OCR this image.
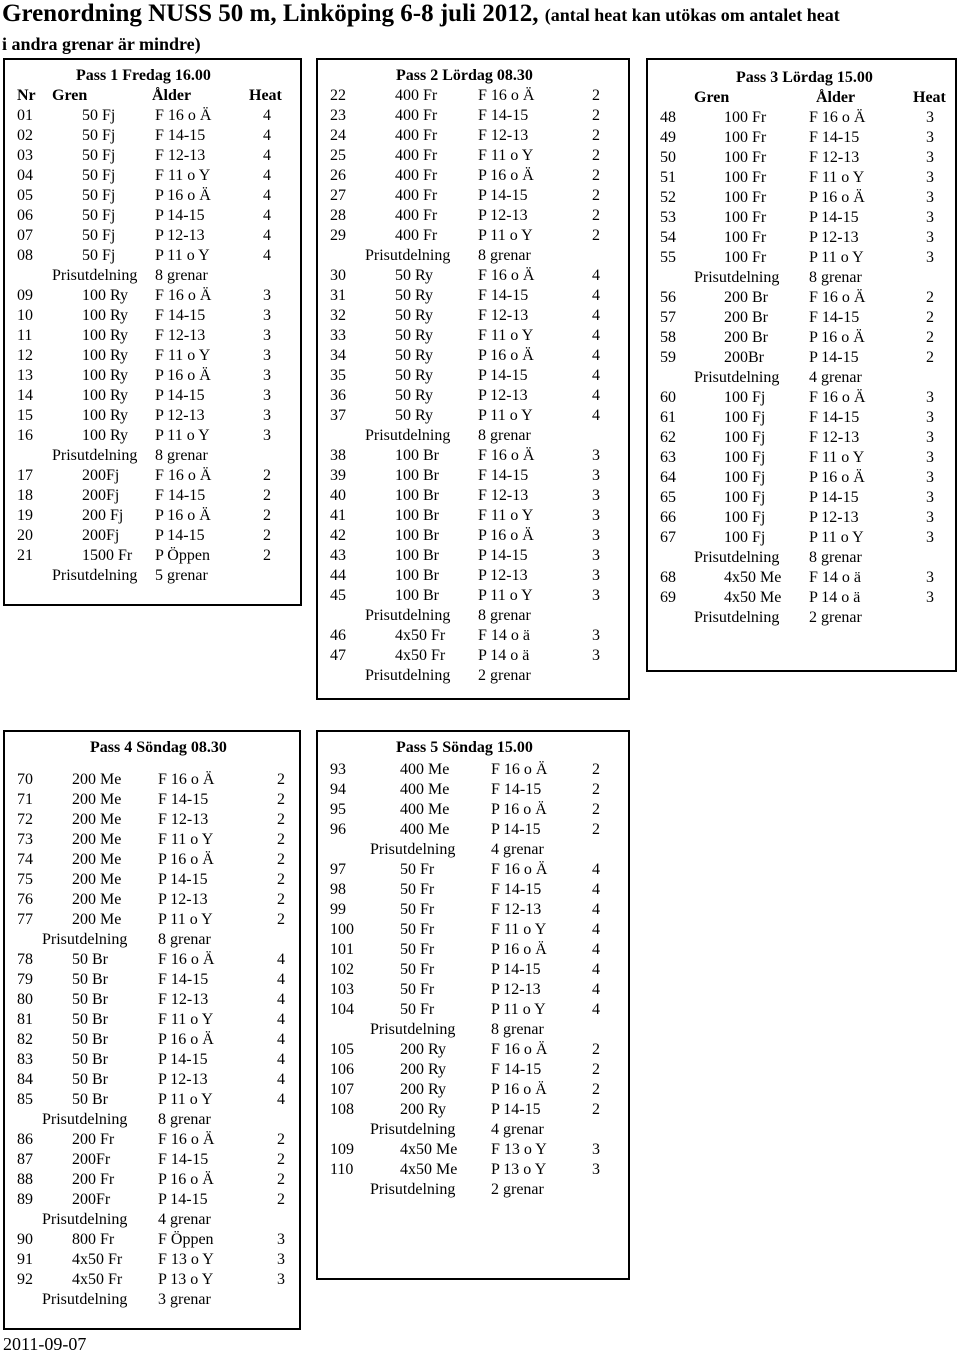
Grenordning NUSS 50 m, Linköping 6-8 juli 2012, (antal heat kan utökas om antalet heat
i andra grenar är mindre)
Pass 1 Fredag 16.00
Nr Gren	Ålder	Heat
01	50 Fj F 16 o Ä	4
02	50 Fj F 14-15	4
03	50 Fj F 12-13	4
04	50 Fj F 11 o Y	4
05	50 Fj P 16 o Ä	4
06	50 Fj P 14-15	4
07	50 Fj P 12-13	4
08	50 Fj P 11 o Y	4
Prisutdelning 8 grenar
09	100 Ry F 16 o Ä	3
10	100 Ry F 14-15	3
11	100 Ry F 12-13	3
12	100 Ry F 11 o Y	3
13	100 Ry P 16 o Ä	3
14	100 Ry P 14-15	3
15	100 Ry P 12-13	3
16	100 Ry P 11 o Y	3
Prisutdelning 8 grenar
17	200Fj F 16 o Ä	2
18	200Fj F 14-15	2
19	200 Fj P 16 o Ä	2
20	200Fj P 14-15	2
21	1500 Fr P Öppen	2
Prisutdelning 5 grenar
Pass 2 Lördag 08.30
22	400 Fr	F 16 o Ä	2
23	400 Fr	F 14-15	2
24	400 Fr	F 12-13	2
25	400 Fr	F 11 o Y	2
26	400 Fr	P 16 o Ä	2
27	400 Fr	P 14-15	2
28	400 Fr	P 12-13	2
29	400 Fr	P 11 o Y	2
Prisutdelning 8 grenar
30	50 Ry	F 16 o Ä	4
31	50 Ry	F 14-15	4
32	50 Ry	F 12-13	4
33	50 Ry	F 11 o Y	4
34	50 Ry	P 16 o Ä	4
35	50 Ry	P 14-15	4
36	50 Ry	P 12-13	4
37	50 Ry	P 11 o Y	4
Prisutdelning 8 grenar
38	100 Br F 16 o Ä	3
39	100 Br F 14-15	3
40	100 Br F 12-13	3
41	100 Br F 11 o Y	3
42	100 Br P 16 o Ä	3
43	100 Br P 14-15	3
44	100 Br P 12-13	3
45	100 Br P 11 o Y	3
Prisutdelning 8 grenar
46	4x50 Fr F 14 o ä	3
47	4x50 Fr P 14 o ä	3
Prisutdelning 2 grenar
Pass 3 Lördag 15.00
Gren	Ålder	Heat
48	100 Fr	F 16 o Ä	3
49	100 Fr	F 14-15	3
50	100 Fr	F 12-13	3
51	100 Fr	F 11 o Y	3
52	100 Fr	P 16 o Ä	3
53	100 Fr	P 14-15	3
54	100 Fr	P 12-13	3
55	100 Fr	P 11 o Y	3
Prisutdelning 8 grenar
56	200 Br	F 16 o Ä	2
57	200 Br	F 14-15	2
58	200 Br	P 16 o Ä	2
59	200Br	P 14-15	2
Prisutdelning 4 grenar
60	100 Fj	F 16 o Ä	3
61	100 Fj	F 14-15	3
62	100 Fj	F 12-13	3
63	100 Fj	F 11 o Y	3
64	100 Fj	P 16 o Ä	3
65	100 Fj	P 14-15	3
66	100 Fj	P 12-13	3
67	100 Fj	P 11 o Y	3
Prisutdelning 8 grenar
68	4x50 Me F 14 o ä	3
69	4x50 Me P 14 o ä	3
Prisutdelning 2 grenar
Pass 4 Söndag 08.30
70 200 Me F 16 o Ä	2
71 200 Me F 14-15	2
72 200 Me F 12-13	2
73 200 Me F 11 o Y	2
74 200 Me P 16 o Ä	2
75 200 Me P 14-15	2
76 200 Me P 12-13	2
77 200 Me P 11 o Y	2
Prisutdelning 8 grenar
78 50 Br	F 16 o Ä	4
79 50 Br	F 14-15	4
80 50 Br	F 12-13	4
81 50 Br	F 11 o Y	4
82 50 Br	P 16 o Ä	4
83 50 Br	P 14-15	4
84 50 Br	P 12-13	4
85 50 Br	P 11 o Y	4
Prisutdelning 8 grenar
86 200 Fr	F 16 o Ä	2
87 200Fr	F 14-15	2
88 200 Fr	P 16 o Ä	2
89 200Fr	P 14-15	2
Prisutdelning 4 grenar
90 800 Fr	F Öppen	3
91 4x50 Fr F 13 o Y	3
92 4x50 Fr P 13 o Y	3
Prisutdelning 3 grenar
Pass 5 Söndag 15.00
93	400 Me	F 16 o Ä	2
94	400 Me	F 14-15	2
95	400 Me	P 16 o Ä	2
96	400 Me	P 14-15	2
Prisutdelning 4 grenar
97	50 Fr	F 16 o Ä	4
98	50 Fr	F 14-15	4
99	50 Fr	F 12-13	4
100	50 Fr	F 11 o Y	4
101	50 Fr	P 16 o Ä	4
102	50 Fr	P 14-15	4
103	50 Fr	P 12-13	4
104	50 Fr	P 11 o Y	4
Prisutdelning 8 grenar
105	200 Ry	F 16 o Ä	2
106	200 Ry	F 14-15	2
107	200 Ry	P 16 o Ä	2
108	200 Ry	P 14-15	2
Prisutdelning 4 grenar
109	4x50 Me F 13 o Y	3
110	4x50 Me P 13 o Y	3
Prisutdelning 2 grenar
2011-09-07
